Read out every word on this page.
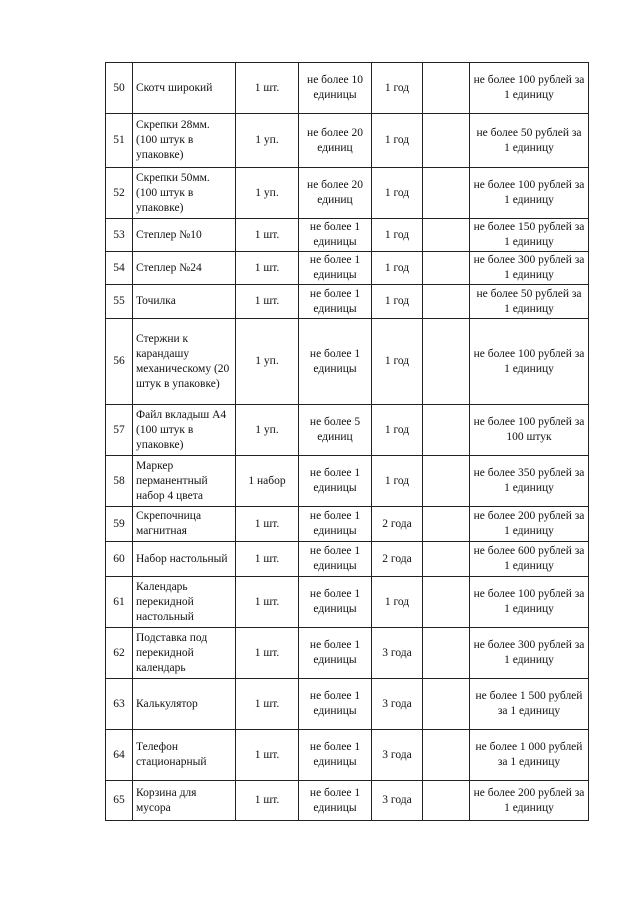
50	Скотч широкий	1 шт.	не более 10 единицы	1 год		не более 100 рублей за 1 единицу
51	Скрепки 28мм. (100 штук в упаковке)	1 уп.	не более 20 единиц	1 год		не более 50 рублей за 1 единицу
52	Скрепки 50мм. (100 штук в упаковке)	1 уп.	не более 20 единиц	1 год		не более 100 рублей за 1 единицу
53	Степлер №10	1 шт.	не более 1 единицы	1 год		не более 150 рублей за 1 единицу
54	Степлер №24	1 шт.	не более 1 единицы	1 год		не более 300 рублей за 1 единицу
55	Точилка	1 шт.	не более 1 единицы	1 год		не более 50 рублей за 1 единицу
56	Стержни к карандашу механическому (20 штук в упаковке)	1 уп.	не более 1 единицы	1 год		не более 100 рублей за 1 единицу
57	Файл вкладыш А4 (100 штук в упаковке)	1 уп.	не более 5 единиц	1 год		не более 100 рублей за 100 штук
58	Маркер перманентный набор 4 цвета	1 набор	не более 1 единицы	1 год		не более 350 рублей за 1 единицу
59	Скрепочница магнитная	1 шт.	не более 1 единицы	2 года		не более 200 рублей за 1 единицу
60	Набор настольный	1 шт.	не более 1 единицы	2 года		не более 600 рублей за 1 единицу
61	Календарь перекидной настольный	1 шт.	не более 1 единицы	1 год		не более 100 рублей за 1 единицу
62	Подставка под перекидной календарь	1 шт.	не более 1 единицы	3 года		не более 300 рублей за 1 единицу
63	Калькулятор	1 шт.	не более 1 единицы	3 года		не более 1 500 рублей за 1 единицу
64	Телефон стационарный	1 шт.	не более 1 единицы	3 года		не более 1 000 рублей за 1 единицу
65	Корзина для мусора	1 шт.	не более 1 единицы	3 года		не более 200 рублей за 1 единицу
